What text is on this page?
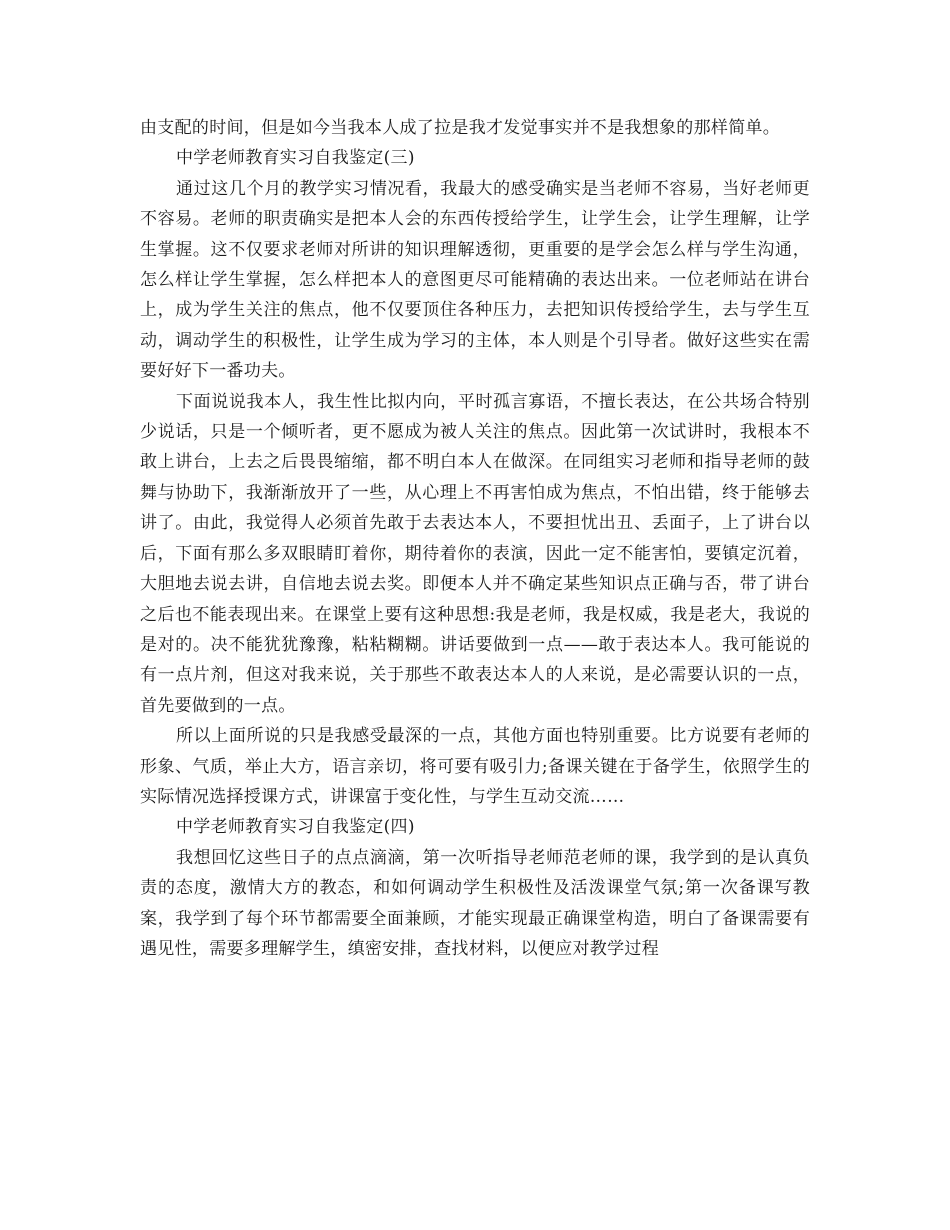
由支配的时间，但是如今当我本人成了拉是我才发觉事实并不是我想象的那样简单。

中学老师教育实习自我鉴定(三)

通过这几个月的教学实习情况看，我最大的感受确实是当老师不容易，当好老师更不容易。老师的职责确实是把本人会的东西传授给学生，让学生会，让学生理解，让学生掌握。这不仅要求老师对所讲的知识理解透彻，更重要的是学会怎么样与学生沟通，怎么样让学生掌握，怎么样把本人的意图更尽可能精确的表达出来。一位老师站在讲台上，成为学生关注的焦点，他不仅要顶住各种压力，去把知识传授给学生，去与学生互动，调动学生的积极性，让学生成为学习的主体，本人则是个引导者。做好这些实在需要好好下一番功夫。

下面说说我本人，我生性比拟内向，平时孤言寡语，不擅长表达，在公共场合特别少说话，只是一个倾听者，更不愿成为被人关注的焦点。因此第一次试讲时，我根本不敢上讲台，上去之后畏畏缩缩，都不明白本人在做深。在同组实习老师和指导老师的鼓舞与协助下，我渐渐放开了一些，从心理上不再害怕成为焦点，不怕出错，终于能够去讲了。由此，我觉得人必须首先敢于去表达本人，不要担忧出丑、丢面子，上了讲台以后，下面有那么多双眼睛盯着你，期待着你的表演，因此一定不能害怕，要镇定沉着，大胆地去说去讲，自信地去说去奖。即便本人并不确定某些知识点正确与否，带了讲台之后也不能表现出来。在课堂上要有这种思想:我是老师，我是权威，我是老大，我说的是对的。决不能犹犹豫豫，粘粘糊糊。讲话要做到一点——敢于表达本人。我可能说的有一点片剂，但这对我来说，关于那些不敢表达本人的人来说，是必需要认识的一点，首先要做到的一点。

所以上面所说的只是我感受最深的一点，其他方面也特别重要。比方说要有老师的形象、气质，举止大方，语言亲切，将可要有吸引力;备课关键在于备学生，依照学生的实际情况选择授课方式，讲课富于变化性，与学生互动交流……

中学老师教育实习自我鉴定(四)

我想回忆这些日子的点点滴滴，第一次听指导老师范老师的课，我学到的是认真负责的态度，激情大方的教态，和如何调动学生积极性及活泼课堂气氛;第一次备课写教案，我学到了每个环节都需要全面兼顾，才能实现最正确课堂构造，明白了备课需要有遇见性，需要多理解学生，缜密安排，查找材料，以便应对教学过程
